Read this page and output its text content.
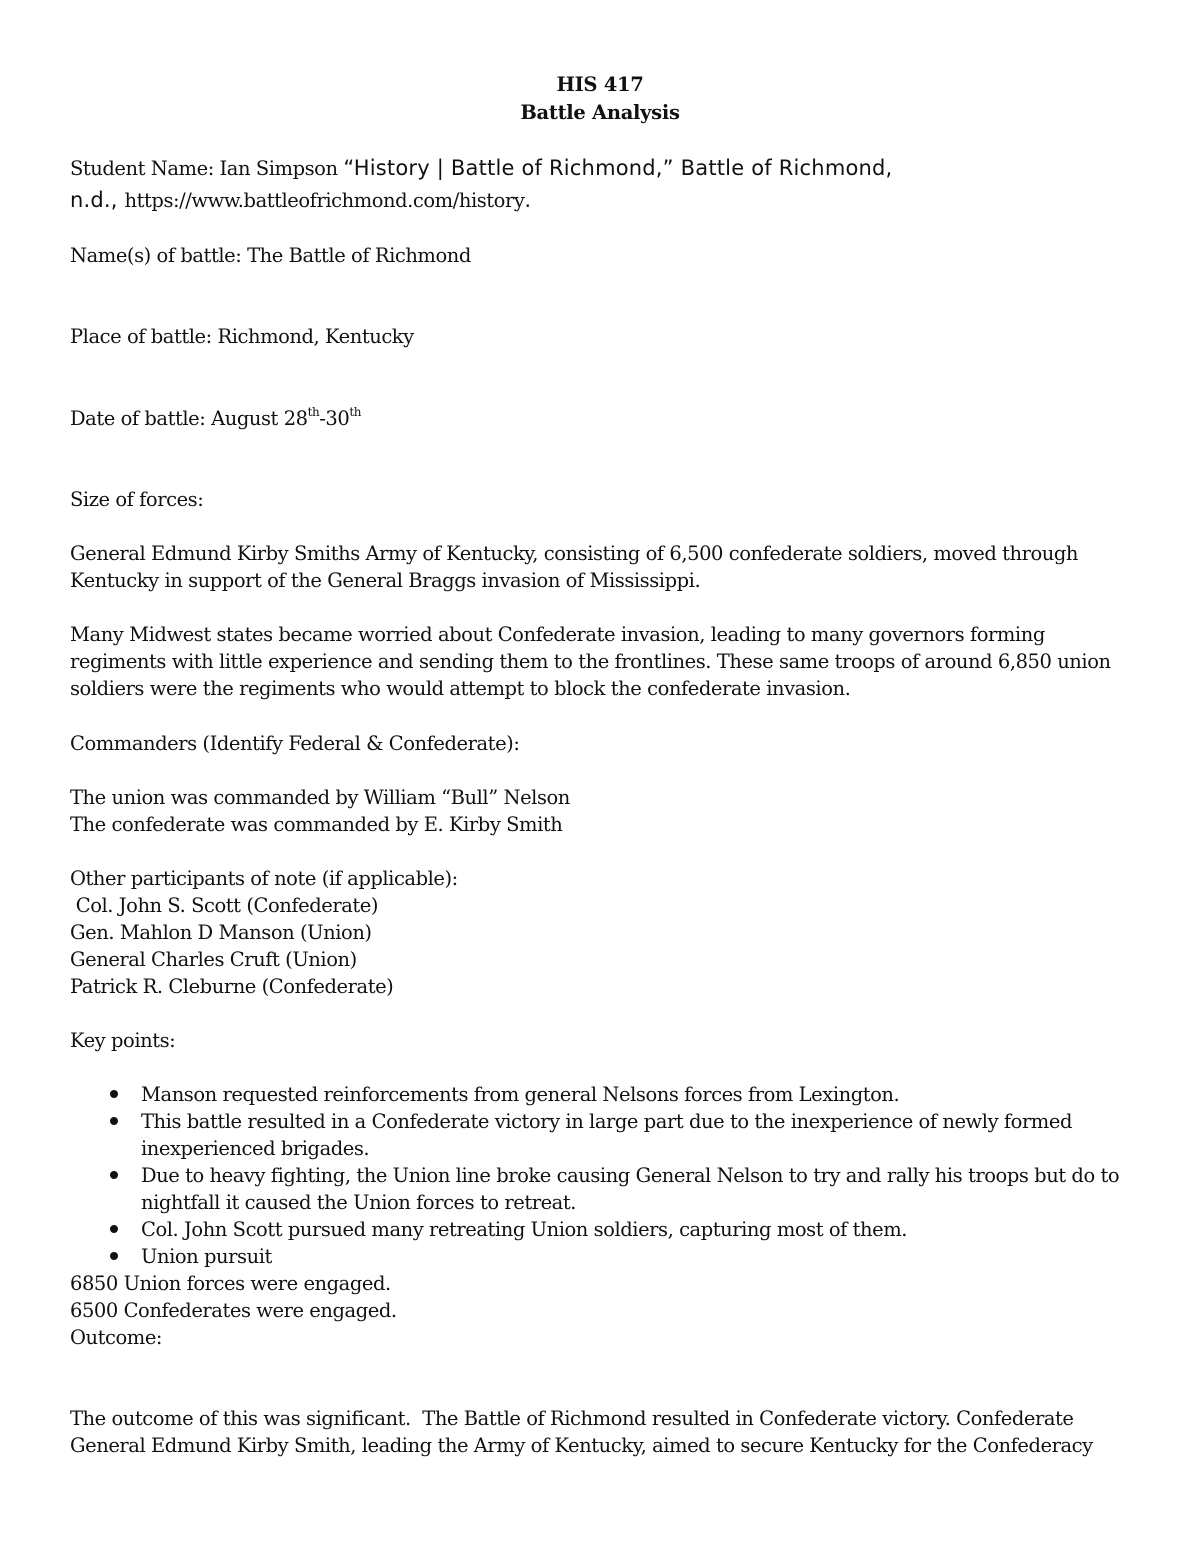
HIS 417
Battle Analysis
Student Name: Ian Simpson “History | Battle of Richmond,” Battle of Richmond,
n.d., https://www.battleofrichmond.com/history.
Name(s) of battle: The Battle of Richmond
Place of battle: Richmond, Kentucky
Date of battle: August 28th-30th
Size of forces:
General Edmund Kirby Smiths Army of Kentucky, consisting of 6,500 confederate soldiers, moved through
Kentucky in support of the General Braggs invasion of Mississippi.
Many Midwest states became worried about Confederate invasion, leading to many governors forming
regiments with little experience and sending them to the frontlines. These same troops of around 6,850 union
soldiers were the regiments who would attempt to block the confederate invasion.
Commanders (Identify Federal & Confederate):
The union was commanded by William “Bull” Nelson
The confederate was commanded by E. Kirby Smith
Other participants of note (if applicable):
Col. John S. Scott (Confederate)
Gen. Mahlon D Manson (Union)
General Charles Cruft (Union)
Patrick R. Cleburne (Confederate)
Key points:
Manson requested reinforcements from general Nelsons forces from Lexington.
This battle resulted in a Confederate victory in large part due to the inexperience of newly formed
inexperienced brigades.
Due to heavy fighting, the Union line broke causing General Nelson to try and rally his troops but do to
nightfall it caused the Union forces to retreat.
Col. John Scott pursued many retreating Union soldiers, capturing most of them.
Union pursuit
6850 Union forces were engaged.
6500 Confederates were engaged.
Outcome:
The outcome of this was significant.  The Battle of Richmond resulted in Confederate victory. Confederate
General Edmund Kirby Smith, leading the Army of Kentucky, aimed to secure Kentucky for the Confederacy
